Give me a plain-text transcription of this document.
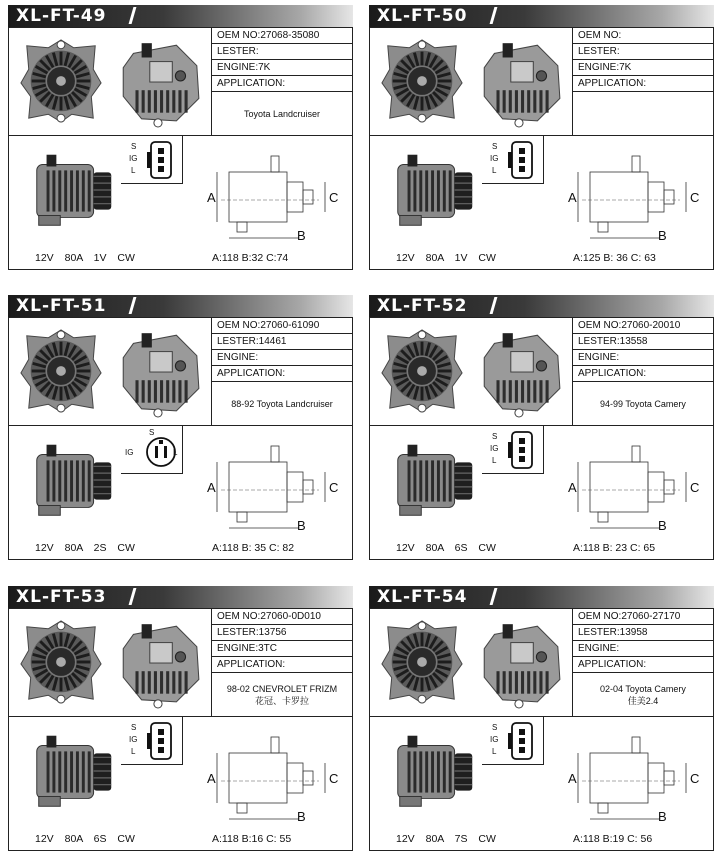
XL-FT-49
OEM NO:27068-35080
LESTER:
ENGINE:7K
APPLICATION:
Toyota Landcruiser
S
IG
L
A	C
B
12V 80A 1V CW	A:118 B:32 C:74
XL-FT-50
OEM NO:
LESTER:
ENGINE:7K
APPLICATION:
S
IG
L
A	C
B
12V 80A 1V CW	A:125 B: 36 C: 63
XL-FT-51
OEM NO:27060-61090
LESTER:14461
ENGINE:
APPLICATION:
88-92 Toyota Landcruiser
S
IG	L
A	C
B
12V 80A 2S CW	A:118 B: 35 C: 82
XL-FT-52
OEM NO:27060-20010
LESTER:13558
ENGINE:
APPLICATION:
94-99 Toyota Camery
S
IG
L
A	C
B
12V 80A 6S CW	A:118 B: 23 C: 65
XL-FT-53
OEM NO:27060-0D010
LESTER:13756
ENGINE:3TC
APPLICATION:
98-02 CNEVROLET FRIZM
花冠、卡罗拉
S
IG
L
A	C
B
12V 80A 6S CW	A:118 B:16 C: 55
XL-FT-54
OEM NO:27060-27170
LESTER:13958
ENGINE:
APPLICATION:
02-04 Toyota Camery
佳美2.4
S
IG
L
A	C
B
12V 80A 7S CW	A:118 B:19 C: 56
